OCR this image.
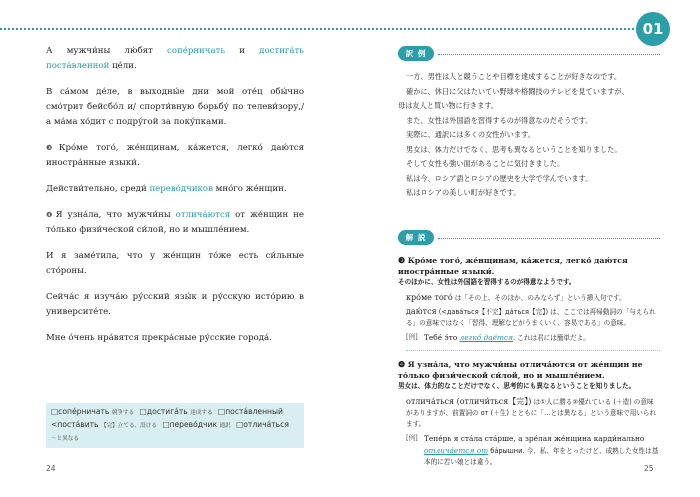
01

А мужчи́ны лю́бят сопе́рничать и достига́ть поста́вленной це́ли.

В са́мом де́ле, в выходны́е дни мой оте́ц обы́чно смо́трит бейсбо́л и/ спорти́вную борьбу́ по телеви́зору,/ а ма́ма хо́дит с подру́гой за поку́пками.

❸Кро́ме того́, же́нщинам, ка́жется, легко́ даю́тся иностра́нные языки́.

Действи́тельно, среди́ перево́дчиков мно́го же́нщин.

❹Я узна́ла, что мужчи́ны отлича́ются от же́нщин не то́лько физи́ческой си́лой, но и мышле́нием.

И я заме́тила, что у же́нщин то́же есть си́льные сто́роны.

Сейча́с я изуча́ю ру́сский язы́к и ру́сскую исто́рию в университе́те.

Мне о́чень нра́вятся прекра́сные ру́сские города́.

□сопе́рничать 競争する □достига́ть 達成する □поста́вленный
<поста́вить 【完】立てる、設ける □перево́дчик 通訳 □отлича́ться
～と異なる
24	25
訳 例
一方、男性は人と競うことや目標を達成することが好きなのです。
確かに、休日に父はたいてい野球や格闘技のテレビを見ていますが、
母は友人と買い物に行きます。
また、女性は外国語を習得するのが得意なのだそうです。
実際に、通訳には多くの女性がいます。
男女は、体力だけでなく、思考も異なるということを知りました。
そして女性も強い面があることに気付きました。
私は今、ロシア語とロシアの歴史を大学で学んでいます。
私はロシアの美しい町が好きです。
解 説
❸ Кро́ме того́, же́нщинам, ка́жется, легко́ даю́тся иностра́нные языки́.
そのほかに、女性は外国語を習得するのが得意なようです。
кро́ме того́ は「その上、そのほか、のみならず」という挿入句です。
даю́тся (<дава́ться【不完】да́ться【完】) は、ここでは再帰動詞の「与えられる」の意味ではなく「習得、理解などがうまくいく、容易である」の意味。
[例] Тебе́ э́то легко́ даётся. これは君には簡単だよ。
❹ Я узна́ла, что мужчи́ны отлича́ются от же́нщин не то́лько физи́ческой си́лой, но и мышле́нием.
男女は、体力的なことだけでなく、思考的にも異なるということを知りました。
отлича́ться (отличи́ться【完】) は①人に勝る②優れている (＋造) の意味がありますが、前置詞の от (＋生) とともに「…とは異なる」という意味で用いられます。
[例] Тепе́рь я ста́ла ста́рше, а зре́лая же́нщина карди́нально отлича́ется от ба́рышни. 今、私、年をとったけど、成熟した女性は基本的に若い娘とは違う。
